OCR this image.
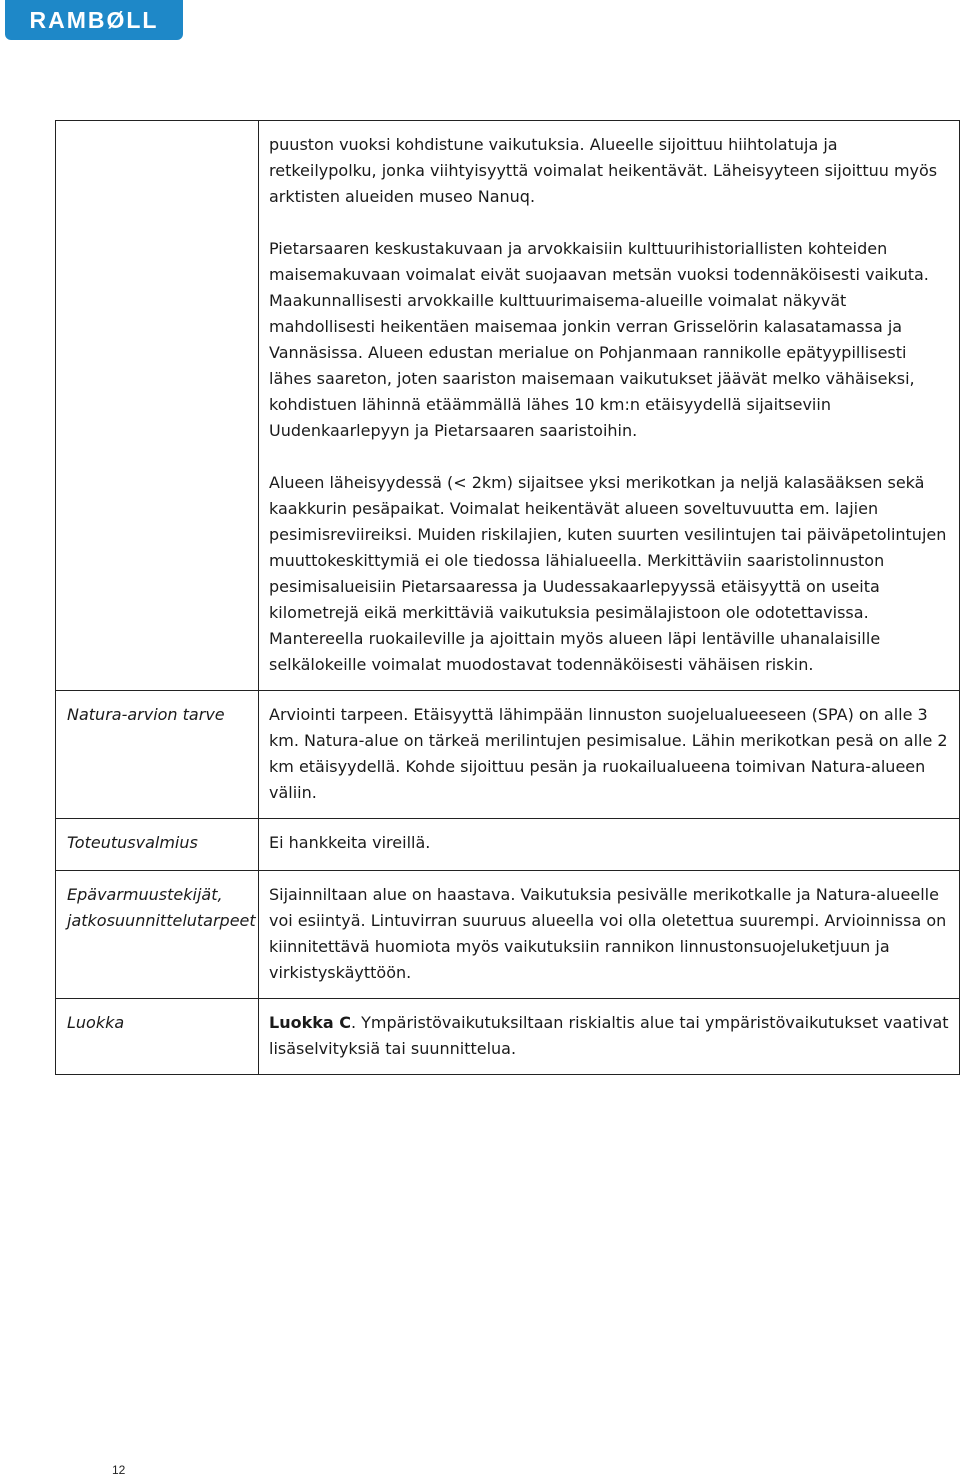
RAMBØLL

	puuston vuoksi kohdistune vaikutuksia. Alueelle sijoittuu hiihtolatuja ja retkeilypolku, jonka viihtyisyyttä voimalat heikentävät. Läheisyyteen sijoittuu myös arktisten alueiden museo Nanuq.

Pietarsaaren keskustakuvaan ja arvokkaisiin kulttuurihistoriallisten kohteiden maisemakuvaan voimalat eivät suojaavan metsän vuoksi todennäköisesti vaikuta. Maakunnallisesti arvokkaille kulttuurimaisema-alueille voimalat näkyvät mahdollisesti heikentäen maisemaa jonkin verran Grisselörin kalasatamassa ja Vannäsissa. Alueen edustan merialue on Pohjanmaan rannikolle epätyypillisesti lähes saareton, joten saariston maisemaan vaikutukset jäävät melko vähäiseksi, kohdistuen lähinnä etäämmällä lähes 10 km:n etäisyydellä sijaitseviin Uudenkaarlepyyn ja Pietarsaaren saaristoihin.

Alueen läheisyydessä (< 2km) sijaitsee yksi merikotkan ja neljä kalasääksen sekä kaakkurin pesäpaikat. Voimalat heikentävät alueen soveltuvuutta em. lajien pesimisreviireiksi. Muiden riskilajien, kuten suurten vesilintujen tai päiväpetolintujen muuttokeskittymiä ei ole tiedossa lähialueella. Merkittäviin saaristolinnuston pesimisalueisiin Pietarsaaressa ja Uudessakaarlepyyssä etäisyyttä on useita kilometrejä eikä merkittäviä vaikutuksia pesimälajistoon ole odotettavissa. Mantereella ruokaileville ja ajoittain myös alueen läpi lentäville uhanalaisille selkälokeille voimalat muodostavat todennäköisesti vähäisen riskin.

Natura-arvion tarve	Arviointi tarpeen. Etäisyyttä lähimpään linnuston suojelualueeseen (SPA) on alle 3 km. Natura-alue on tärkeä merilintujen pesimisalue. Lähin merikotkan pesä on alle 2 km etäisyydellä. Kohde sijoittuu pesän ja ruokailualueena toimivan Natura-alueen väliin.

Toteutusvalmius	Ei hankkeita vireillä.

Epävarmuustekijät, jatkosuunnittelutarpeet	Sijainniltaan alue on haastava. Vaikutuksia pesivälle merikotkalle ja Natura-alueelle voi esiintyä. Lintuvirran suuruus alueella voi olla oletettua suurempi. Arvioinnissa on kiinnitettävä huomiota myös vaikutuksiin rannikon linnustonsuojeluketjuun ja virkistyskäyttöön.

Luokka	Luokka C. Ympäristövaikutuksiltaan riskialtis alue tai ympäristövaikutukset vaativat lisäselvityksiä tai suunnittelua.

12
